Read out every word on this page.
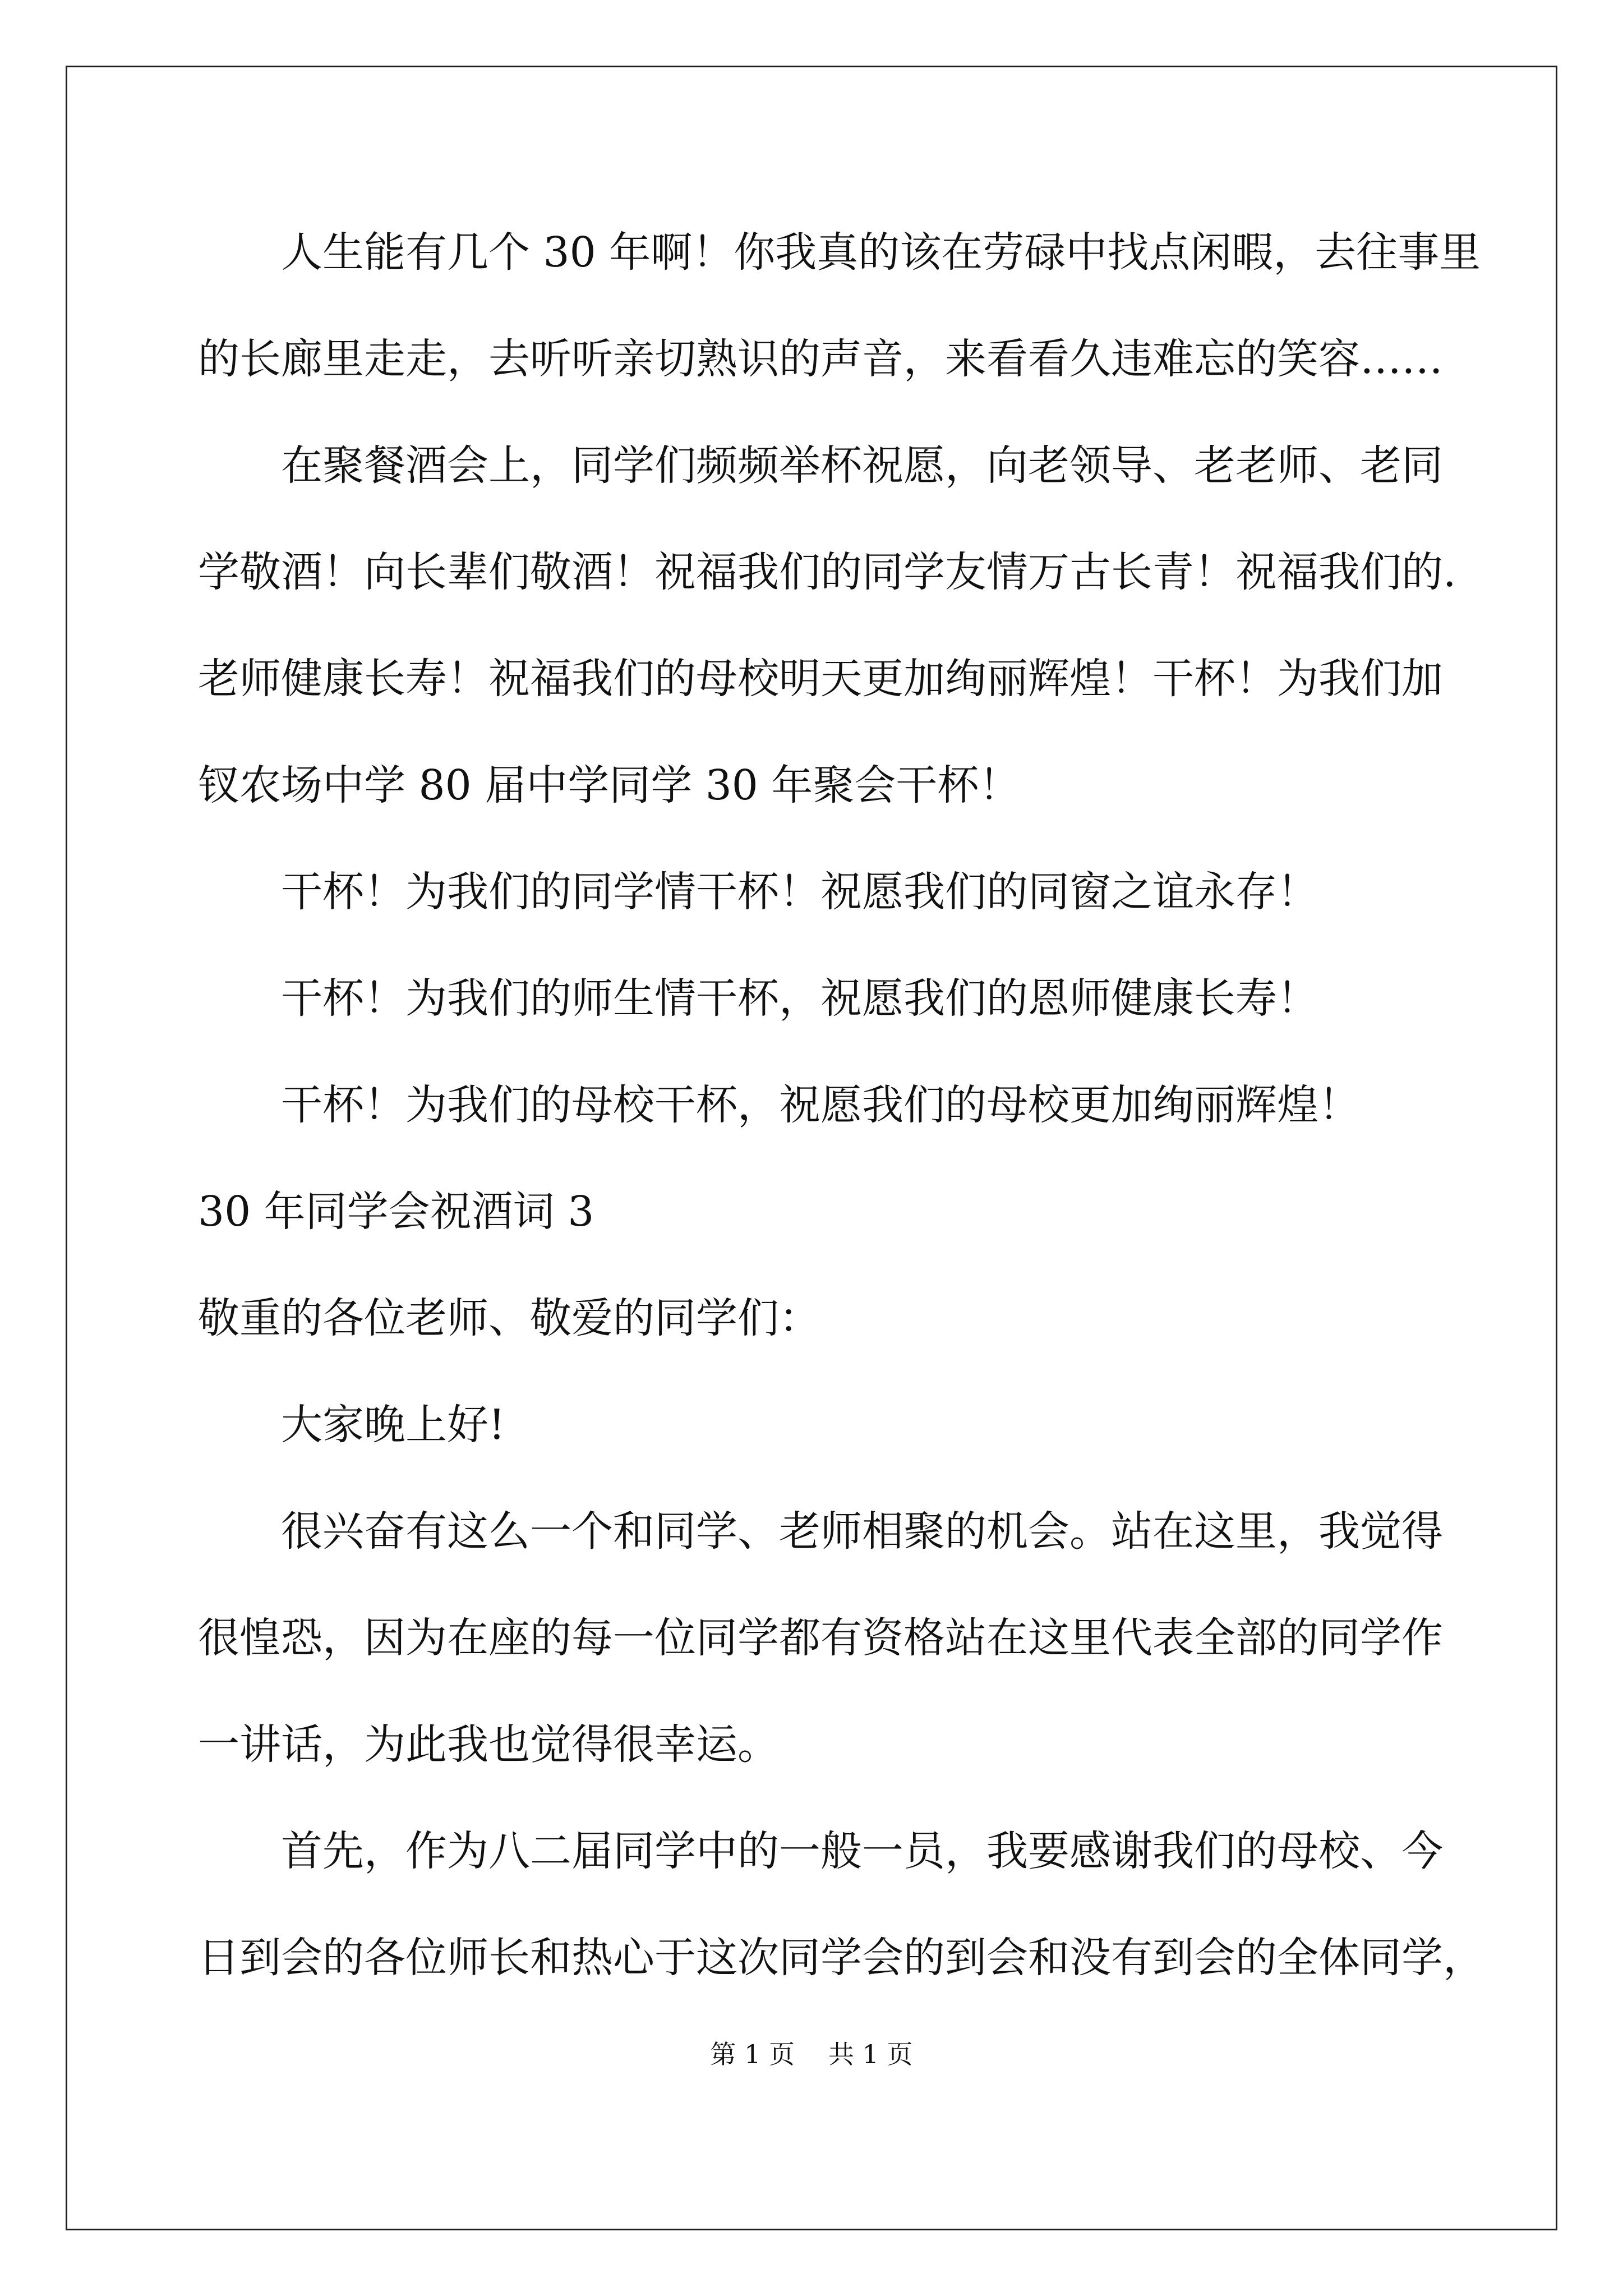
人生能有几个 30 年啊！你我真的该在劳碌中找点闲暇，去往事里
的长廊里走走，去听听亲切熟识的声音，来看看久违难忘的笑容……
在聚餐酒会上，同学们频频举杯祝愿，向老领导、老老师、老同
学敬酒！向长辈们敬酒！祝福我们的同学友情万古长青！祝福我们的.
老师健康长寿！祝福我们的母校明天更加绚丽辉煌！干杯！为我们加
钗农场中学 80 届中学同学 30 年聚会干杯！
干杯！为我们的同学情干杯！祝愿我们的同窗之谊永存！
干杯！为我们的师生情干杯，祝愿我们的恩师健康长寿！
干杯！为我们的母校干杯，祝愿我们的母校更加绚丽辉煌！
30 年同学会祝酒词 3
敬重的各位老师、敬爱的同学们：
大家晚上好!
很兴奋有这么一个和同学、老师相聚的机会。站在这里，我觉得
很惶恐，因为在座的每一位同学都有资格站在这里代表全部的同学作
一讲话，为此我也觉得很幸运。
首先，作为八二届同学中的一般一员，我要感谢我们的母校、今
日到会的各位师长和热心于这次同学会的到会和没有到会的全体同学，
第 1 页 共 1 页
